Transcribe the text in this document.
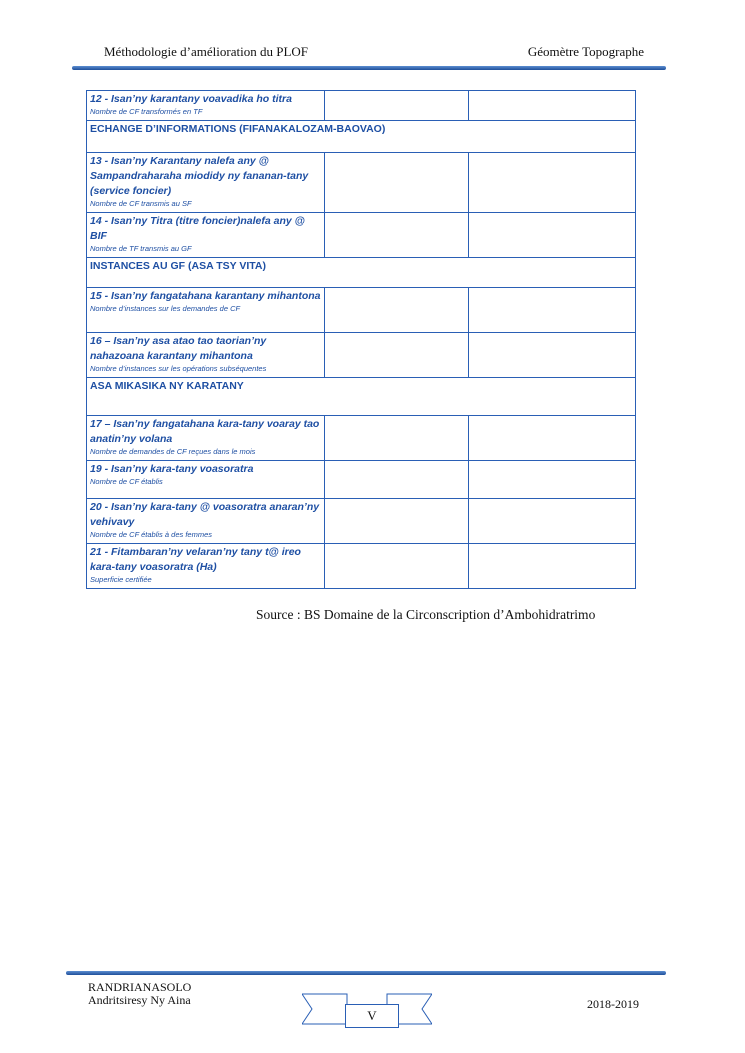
Méthodologie d’amélioration du PLOF	Géomètre Topographe
12 - Isan’ny karantany voavadika ho titra
Nombre de CF transformés en TF		

ECHANGE D’INFORMATIONS (FIFANAKALOZAM-BAOVAO)		

13 - Isan’ny Karantany nalefa any @ Sampandraharaha miodidy ny fananan-tany (service foncier)
Nombre de CF transmis au SF		

14 - Isan’ny Titra (titre foncier)nalefa any @ BIF
Nombre de TF transmis au GF		

INSTANCES AU GF (ASA TSY VITA)		

15 - Isan’ny fangatahana karantany mihantona
Nombre d’instances sur les demandes de CF		

16 – Isan’ny asa atao tao taorian’ny nahazoana karantany mihantona
Nombre d’instances sur les opérations subséquentes		

ASA MIKASIKA NY KARATANY		

17 – Isan’ny fangatahana kara-tany voaray tao anatin’ny volana
Nombre de demandes de CF reçues dans le mois		

19 - Isan’ny kara-tany voasoratra
Nombre de CF établis		

20 - Isan’ny kara-tany @ voasoratra anaran’ny vehivavy
Nombre de CF établis à des femmes		

21 - Fitambaran’ny velaran’ny tany t@ ireo kara-tany voasoratra (Ha)
Superficie certifiée		

Source : BS Domaine de la Circonscription d’Ambohidratrimo
RANDRIANASOLO
Andritsiresy Ny Aina
V
2018-2019
